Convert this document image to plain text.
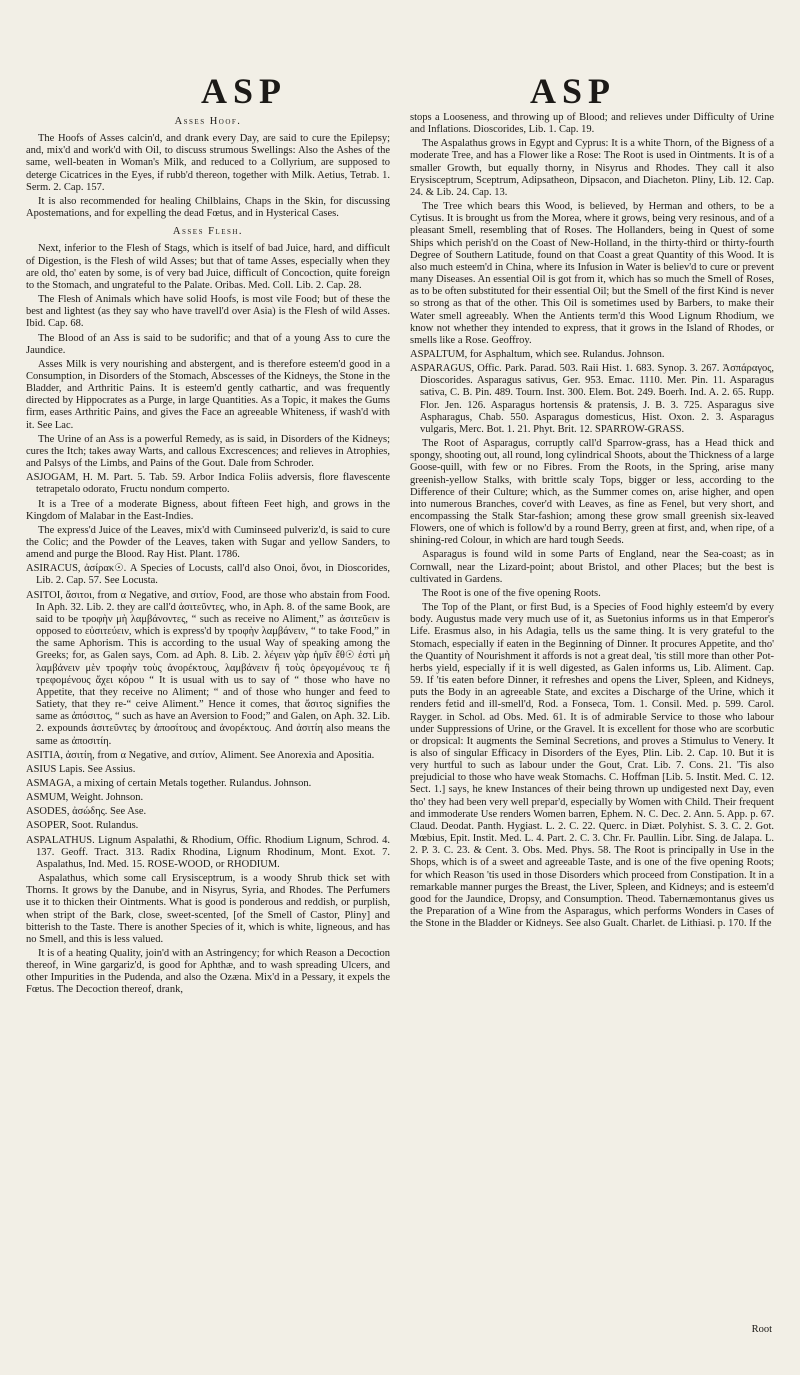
ASP	ASP
Asses Hoof.

The Hoofs of Asses calcin'd, and drank every Day, are said to cure the Epilepsy; and, mix'd and work'd with Oil, to discuss strumous Swellings: Also the Ashes of the same, well-beaten in Woman's Milk, and reduced to a Collyrium, are supposed to deterge Cicatrices in the Eyes, if rubb'd thereon, together with Milk. Aetius, Tetrab. 1. Serm. 2. Cap. 157.

It is also recommended for healing Chilblains, Chaps in the Skin, for discussing Apostemations, and for expelling the dead Fœtus, and in Hysterical Cases.

Asses Flesh.

Next, inferior to the Flesh of Stags, which is itself of bad Juice, hard, and difficult of Digestion, is the Flesh of wild Asses; but that of tame Asses, especially when they are old, tho' eaten by some, is of very bad Juice, difficult of Concoction, quite foreign to the Stomach, and ungrateful to the Palate. Oribas. Med. Coll. Lib. 2. Cap. 28.

The Flesh of Animals which have solid Hoofs, is most vile Food; but of these the best and lightest (as they say who have travell'd over Asia) is the Flesh of wild Asses. Ibid. Cap. 68.

The Blood of an Ass is said to be sudorific; and that of a young Ass to cure the Jaundice.

Asses Milk is very nourishing and abstergent, and is therefore esteem'd good in a Consumption, in Disorders of the Stomach, Abscesses of the Kidneys, the Stone in the Bladder, and Arthritic Pains. It is esteem'd gently cathartic, and was frequently directed by Hippocrates as a Purge, in large Quantities. As a Topic, it makes the Gums firm, eases Arthritic Pains, and gives the Face an agreeable Whiteness, if wash'd with it. See Lac.

The Urine of an Ass is a powerful Remedy, as is said, in Disorders of the Kidneys; cures the Itch; takes away Warts, and callous Excrescences; and relieves in Atrophies, and Palsys of the Limbs, and Pains of the Gout. Dale from Schroder.

ASJOGAM, H. M. Part. 5. Tab. 59. Arbor Indica Foliis adversis, flore flavescente tetrapetalo odorato, Fructu nondum comperto.

It is a Tree of a moderate Bigness, about fifteen Feet high, and grows in the Kingdom of Malabar in the East-Indies.

The express'd Juice of the Leaves, mix'd with Cuminseed pulveriz'd, is said to cure the Colic; and the Powder of the Leaves, taken with Sugar and yellow Sanders, to amend and purge the Blood. Ray Hist. Plant. 1786.

ASIRACUS, ἀσίρακ☉. A Species of Locusts, call'd also Onoi, ὄνοι, in Dioscorides, Lib. 2. Cap. 57. See Locusta.

ASITOI, ἄσιτοι, from α Negative, and σιτίον, Food, are those who abstain from Food. In Aph. 32. Lib. 2. they are call'd ἀσιτεῦντες, who, in Aph. 8. of the same Book, are said to be τροφὴν μὴ λαμβάνοντες, “ such as receive no Aliment,” as ἀσιτεῦειν is opposed to εὐσιτεύειν, which is express'd by τροφὴν λαμβάνειν, “ to take Food,” in the same Aphorism. This is according to the usual Way of speaking among the Greeks; for, as Galen says, Com. ad Aph. 8. Lib. 2. λέγειν γὰρ ἡμῖν ἔθ☉ ἐστὶ μὴ λαμβάνειν μὲν τροφὴν τοὺς ἀνορέκτους, λαμβάνειν ἢ τοὺς ὀρεγομένους τε ἢ τρεφομένους ἄχει κόρου “ It is usual with us to say of “ those who have no Appetite, that they receive no Aliment; “ and of those who hunger and feed to Satiety, that they re-“ ceive Aliment.” Hence it comes, that ἄσιτος signifies the same as ἀπόσιτος, “ such as have an Aversion to Food;” and Galen, on Aph. 32. Lib. 2. expounds ἀσιτεῦντες by ἀποσίτους and ἀνορέκτους. And ἀσιτίη also means the same as ἀποσιτίη.

ASITIA, ἀσιτίη, from α Negative, and σιτίον, Aliment. See Anorexia and Apositia.

ASIUS Lapis. See Assius.

ASMAGA, a mixing of certain Metals together. Rulandus. Johnson.

ASMUM, Weight. Johnson.

ASODES, ἀσώδης. See Ase.

ASOPER, Soot. Rulandus.

ASPALATHUS. Lignum Aspalathi, & Rhodium, Offic. Rhodium Lignum, Schrod. 4. 137. Geoff. Tract. 313. Radix Rhodina, Lignum Rhodinum, Mont. Exot. 7. Aspalathus, Ind. Med. 15. ROSE-WOOD, or RHODIUM.

Aspalathus, which some call Erysisceptrum, is a woody Shrub thick set with Thorns. It grows by the Danube, and in Nisyrus, Syria, and Rhodes. The Perfumers use it to thicken their Ointments. What is good is ponderous and reddish, or purplish, when stript of the Bark, close, sweet-scented, [of the Smell of Castor, Pliny] and bitterish to the Taste. There is another Species of it, which is white, ligneous, and has no Smell, and this is less valued.

It is of a heating Quality, join'd with an Astringency; for which Reason a Decoction thereof, in Wine gargariz'd, is good for Aphthæ, and to wash spreading Ulcers, and other Impurities in the Pudenda, and also the Ozæna. Mix'd in a Pessary, it expels the Fœtus. The Decoction thereof, drank,

stops a Looseness, and throwing up of Blood; and relieves under Difficulty of Urine and Inflations. Dioscorides, Lib. 1. Cap. 19.

The Aspalathus grows in Egypt and Cyprus: It is a white Thorn, of the Bigness of a moderate Tree, and has a Flower like a Rose: The Root is used in Ointments. It is of a smaller Growth, but equally thorny, in Nisyrus and Rhodes. They call it also Erysisceptrum, Sceptrum, Adipsatheon, Dipsacon, and Diacheton. Pliny, Lib. 12. Cap. 24. & Lib. 24. Cap. 13.

The Tree which bears this Wood, is believed, by Herman and others, to be a Cytisus. It is brought us from the Morea, where it grows, being very resinous, and of a pleasant Smell, resembling that of Roses. The Hollanders, being in Quest of some Ships which perish'd on the Coast of New-Holland, in the thirty-third or thirty-fourth Degree of Southern Latitude, found on that Coast a great Quantity of this Wood. It is also much esteem'd in China, where its Infusion in Water is believ'd to cure or prevent many Diseases. An essential Oil is got from it, which has so much the Smell of Roses, as to be often substituted for their essential Oil; but the Smell of the first Kind is never so strong as that of the other. This Oil is sometimes used by Barbers, to make their Water smell agreeably. When the Antients term'd this Wood Lignum Rhodium, we know not whether they intended to express, that it grows in the Island of Rhodes, or smells like a Rose. Geoffroy.

ASPALTUM, for Asphaltum, which see. Rulandus. Johnson.

ASPARAGUS, Offic. Park. Parad. 503. Raii Hist. 1. 683. Synop. 3. 267. Ἀσπάραγος, Dioscorides. Asparagus sativus, Ger. 953. Emac. 1110. Mer. Pin. 11. Asparagus sativa, C. B. Pin. 489. Tourn. Inst. 300. Elem. Bot. 249. Boerh. Ind. A. 2. 65. Rupp. Flor. Jen. 126. Asparagus hortensis & pratensis, J. B. 3. 725. Asparagus sive Aspharagus, Chab. 550. Asparagus domesticus, Hist. Oxon. 2. 3. Asparagus vulgaris, Merc. Bot. 1. 21. Phyt. Brit. 12. SPARROW-GRASS.

The Root of Asparagus, corruptly call'd Sparrow-grass, has a Head thick and spongy, shooting out, all round, long cylindrical Shoots, about the Thickness of a large Goose-quill, with few or no Fibres. From the Roots, in the Spring, arise many greenish-yellow Stalks, with brittle scaly Tops, bigger or less, according to the Difference of their Culture; which, as the Summer comes on, arise higher, and open into numerous Branches, cover'd with Leaves, as fine as Fenel, but very short, and encompassing the Stalk Star-fashion; among these grow small greenish six-leaved Flowers, one of which is follow'd by a round Berry, green at first, and, when ripe, of a shining-red Colour, in which are hard tough Seeds.

Asparagus is found wild in some Parts of England, near the Sea-coast; as in Cornwall, near the Lizard-point; about Bristol, and other Places; but the best is cultivated in Gardens.

The Root is one of the five opening Roots.

The Top of the Plant, or first Bud, is a Species of Food highly esteem'd by every body. Augustus made very much use of it, as Suetonius informs us in that Emperor's Life. Erasmus also, in his Adagia, tells us the same thing. It is very grateful to the Stomach, especially if eaten in the Beginning of Dinner. It procures Appetite, and tho' the Quantity of Nourishment it affords is not a great deal, 'tis still more than other Pot-herbs yield, especially if it is well digested, as Galen informs us, Lib. Aliment. Cap. 59. If 'tis eaten before Dinner, it refreshes and opens the Liver, Spleen, and Kidneys, puts the Body in an agreeable State, and excites a Discharge of the Urine, which it renders fetid and ill-smell'd, Rod. a Fonseca, Tom. 1. Consil. Med. p. 599. Carol. Rayger. in Schol. ad Obs. Med. 61. It is of admirable Service to those who labour under Suppressions of Urine, or the Gravel. It is excellent for those who are scorbutic or dropsical: It augments the Seminal Secretions, and proves a Stimulus to Venery. It is also of singular Efficacy in Disorders of the Eyes, Plin. Lib. 2. Cap. 10. But it is very hurtful to such as labour under the Gout, Crat. Lib. 7. Cons. 21. 'Tis also prejudicial to those who have weak Stomachs. C. Hoffman [Lib. 5. Instit. Med. C. 12. Sect. 1.] says, he knew Instances of their being thrown up undigested next Day, even tho' they had been very well prepar'd, especially by Women with Child. Their frequent and immoderate Use renders Women barren, Ephem. N. C. Dec. 2. Ann. 5. App. p. 67. Claud. Deodat. Panth. Hygiast. L. 2. C. 22. Querc. in Diæt. Polyhist. S. 3. C. 2. Got. Mœbius, Epit. Instit. Med. L. 4. Part. 2. C. 3. Chr. Fr. Paullin. Libr. Sing. de Jalapa. L. 2. P. 3. C. 23. & Cent. 3. Obs. Med. Phys. 58. The Root is principally in Use in the Shops, which is of a sweet and agreeable Taste, and is one of the five opening Roots; for which Reason 'tis used in those Disorders which proceed from Constipation. It in a remarkable manner purges the Breast, the Liver, Spleen, and Kidneys; and is esteem'd good for the Jaundice, Dropsy, and Consumption. Theod. Tabernæmontanus gives us the Preparation of a Wine from the Asparagus, which performs Wonders in Cases of the Stone in the Bladder or Kidneys. See also Gualt. Charlet. de Lithiasi. p. 170. If the

Root
